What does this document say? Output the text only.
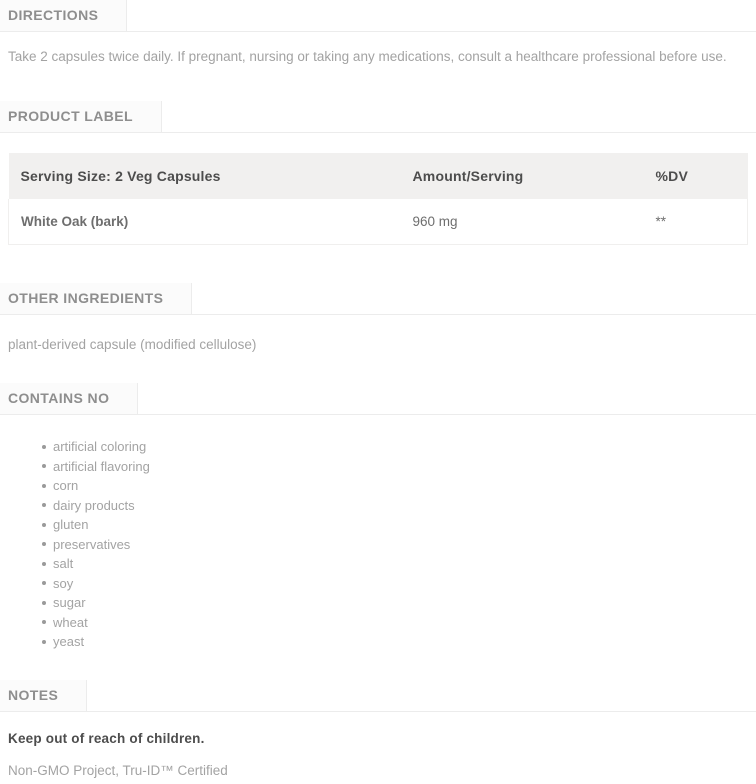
DIRECTIONS

Take 2 capsules twice daily. If pregnant, nursing or taking any medications, consult a healthcare professional before use.

PRODUCT LABEL
Serving Size: 2 Veg Capsules	Amount/Serving	%DV
White Oak (bark)	960 mg	**
OTHER INGREDIENTS

plant-derived capsule (modified cellulose)

CONTAINS NO
artificial coloring
artificial flavoring
corn
dairy products
gluten
preservatives
salt
soy
sugar
wheat
yeast
NOTES

Keep out of reach of children.

Non-GMO Project, Tru-ID™ Certified
